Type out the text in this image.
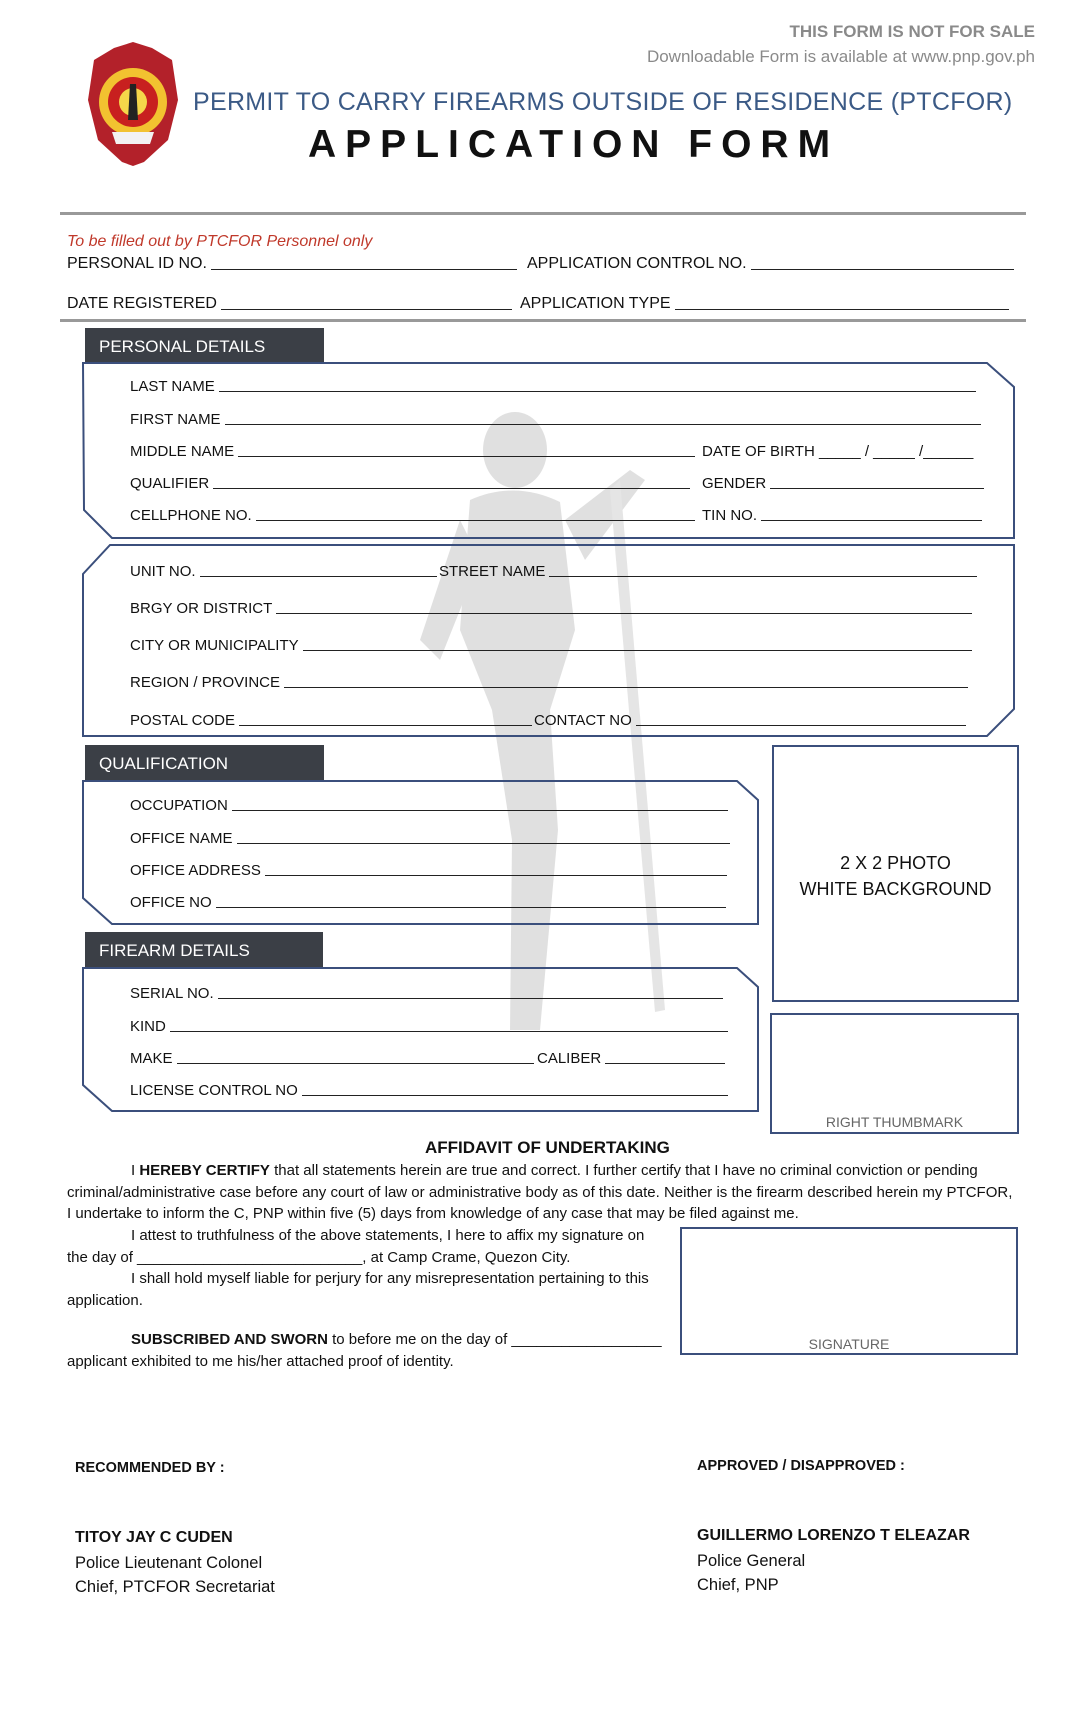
THIS FORM IS NOT FOR SALE
Downloadable Form is available at www.pnp.gov.ph
PERMIT TO CARRY FIREARMS OUTSIDE OF RESIDENCE (PTCFOR)
APPLICATION FORM
To be filled out by PTCFOR Personnel only
PERSONAL ID NO.	APPLICATION CONTROL NO.
DATE REGISTERED	APPLICATION TYPE
PERSONAL DETAILS
LAST NAME
FIRST NAME
MIDDLE NAME	DATE OF BIRTH _____ / _____ /______
QUALIFIER	GENDER
CELLPHONE NO.	TIN NO.
UNIT NO.	STREET NAME
BRGY OR DISTRICT
CITY OR MUNICIPALITY
REGION / PROVINCE
POSTAL CODE	CONTACT NO
QUALIFICATION
OCCUPATION
OFFICE NAME
OFFICE ADDRESS
OFFICE NO
FIREARM DETAILS
SERIAL NO.
KIND
MAKE	CALIBER
LICENSE CONTROL NO
2 X 2 PHOTO
WHITE BACKGROUND
RIGHT THUMBMARK
AFFIDAVIT OF UNDERTAKING
I HEREBY CERTIFY that all statements herein are true and correct. I further certify that I have no criminal conviction or pending criminal/administrative case before any court of law or administrative body as of this date. Neither is the firearm described herein my PTCFOR, I undertake to inform the C, PNP within five (5) days from knowledge of any case that may be filed against me.
I attest to truthfulness of the above statements, I here to affix my signature on the day of ___________________________, at Camp Crame, Quezon City.
I shall hold myself liable for perjury for any misrepresentation pertaining to this application.
SUBSCRIBED AND SWORN to before me on the day of __________________ applicant exhibited to me his/her attached proof of identity.
SIGNATURE
RECOMMENDED BY :
TITOY JAY C CUDEN
Police Lieutenant Colonel
Chief, PTCFOR Secretariat
APPROVED / DISAPPROVED :
GUILLERMO LORENZO T ELEAZAR
Police General
Chief, PNP
